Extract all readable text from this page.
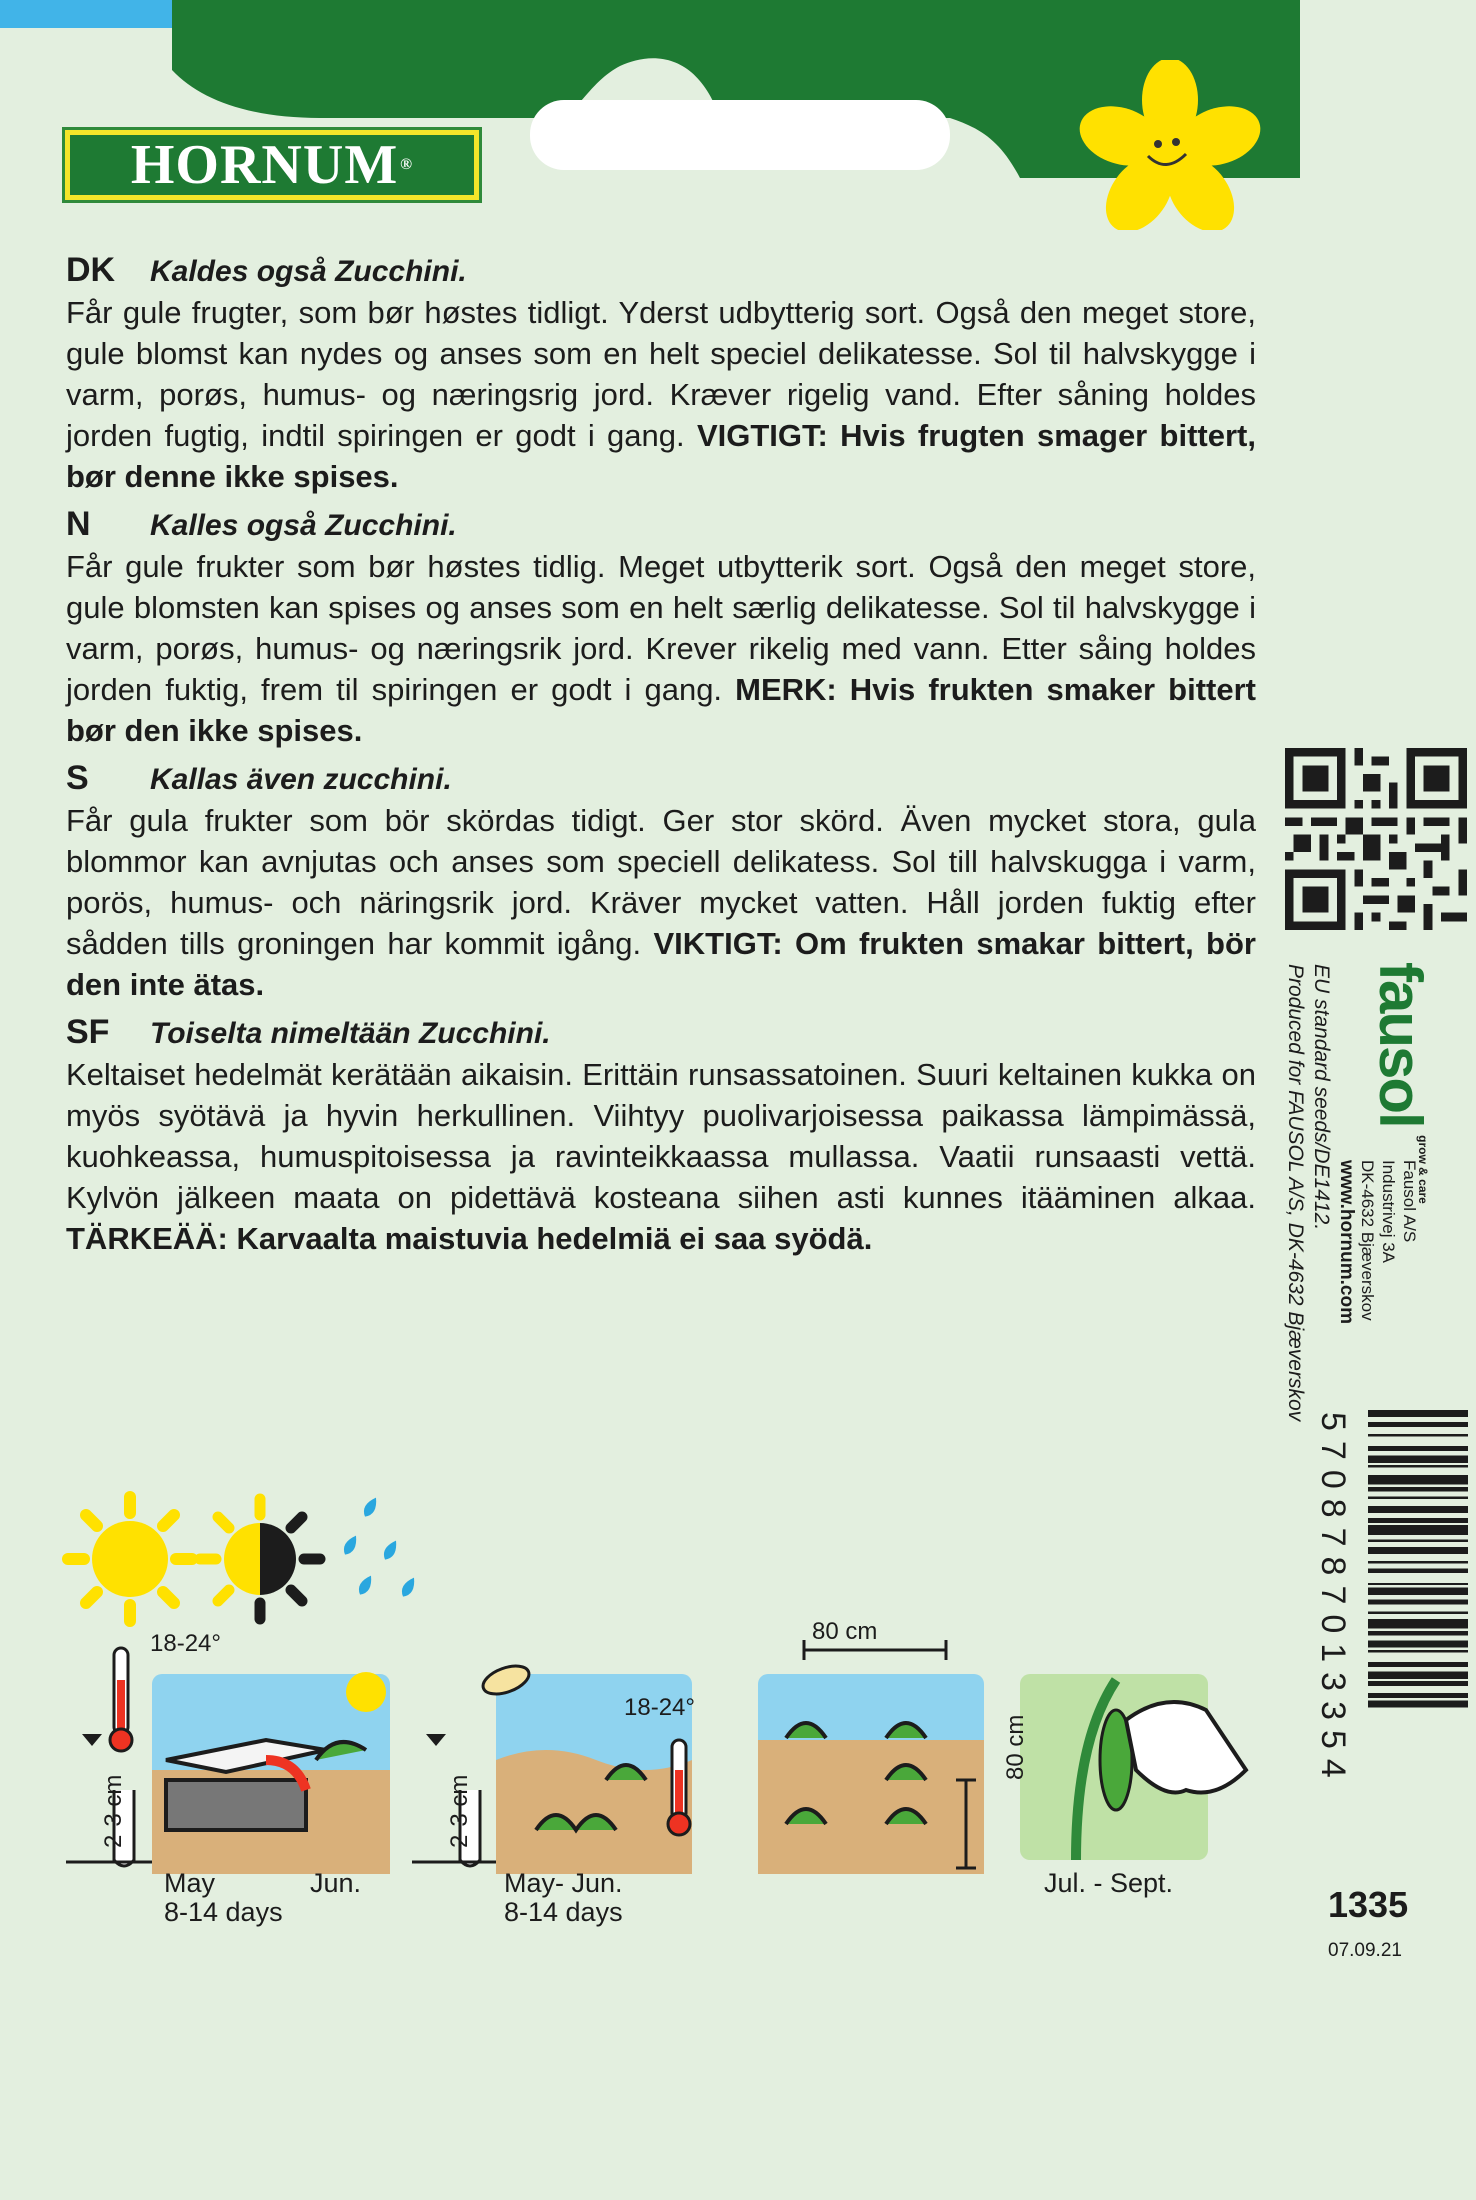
HORNUM ®
DK	Kaldes også Zucchini.

Får gule frugter, som bør høstes tidligt. Yderst udbytterig sort. Også den meget store, gule blomst kan nydes og anses som en helt speciel delikatesse. Sol til halvskygge i varm, porøs, humus- og næringsrig jord. Kræver rigelig vand. Efter såning holdes jorden fugtig, indtil spiringen er godt i gang. VIGTIGT: Hvis frugten smager bittert, bør denne ikke spises.

N	Kalles også Zucchini.

Får gule frukter som bør høstes tidlig. Meget utbytterik sort. Også den meget store, gule blomsten kan spises og anses som en helt særlig delikatesse. Sol til halvskygge i varm, porøs, humus- og næringsrik jord. Krever rikelig med vann. Etter såing holdes jorden fuktig, frem til spiringen er godt i gang. MERK: Hvis frukten smaker bittert bør den ikke spises.

S	Kallas även zucchini.

Får gula frukter som bör skördas tidigt. Ger stor skörd. Även mycket stora, gula blommor kan avnjutas och anses som speciell delikatess. Sol till halvskugga i varm, porös, humus- och näringsrik jord. Kräver mycket vatten. Håll jorden fuktig efter sådden tills groningen har kommit igång. VIKTIGT: Om frukten smakar bittert, bör den inte ätas.

SF	Toiselta nimeltään Zucchini.

Keltaiset hedelmät kerätään aikaisin. Erittäin runsassatoinen. Suuri keltainen kukka on myös syötävä ja hyvin herkullinen. Viihtyy puolivarjoisessa paikassa lämpimässä, kuohkeassa, humuspitoisessa ja ravinteikkaassa mullassa. Vaatii runsaasti vettä. Kylvön jälkeen maata on pidettävä kosteana siihen asti kunnes itääminen alkaa. TÄRKEÄÄ: Karvaalta maistuvia hedelmiä ei saa syödä.

EU standard seeds/DE1412.
Produced for FAUSOL A/S, DK-4632 Bjæverskov fausol $^{grow \& care}$
Fausol A/S
Industrivej 3A
DK-4632 Bjæverskov
www.hornum.com
5708787013354
1335
07.09.21
18-24°
2-3 cm
May
8-14 days
Jun.
18-24°
2-3 cm
May- Jun.
8-14 days
80 cm
80 cm
Jul. - Sept.
